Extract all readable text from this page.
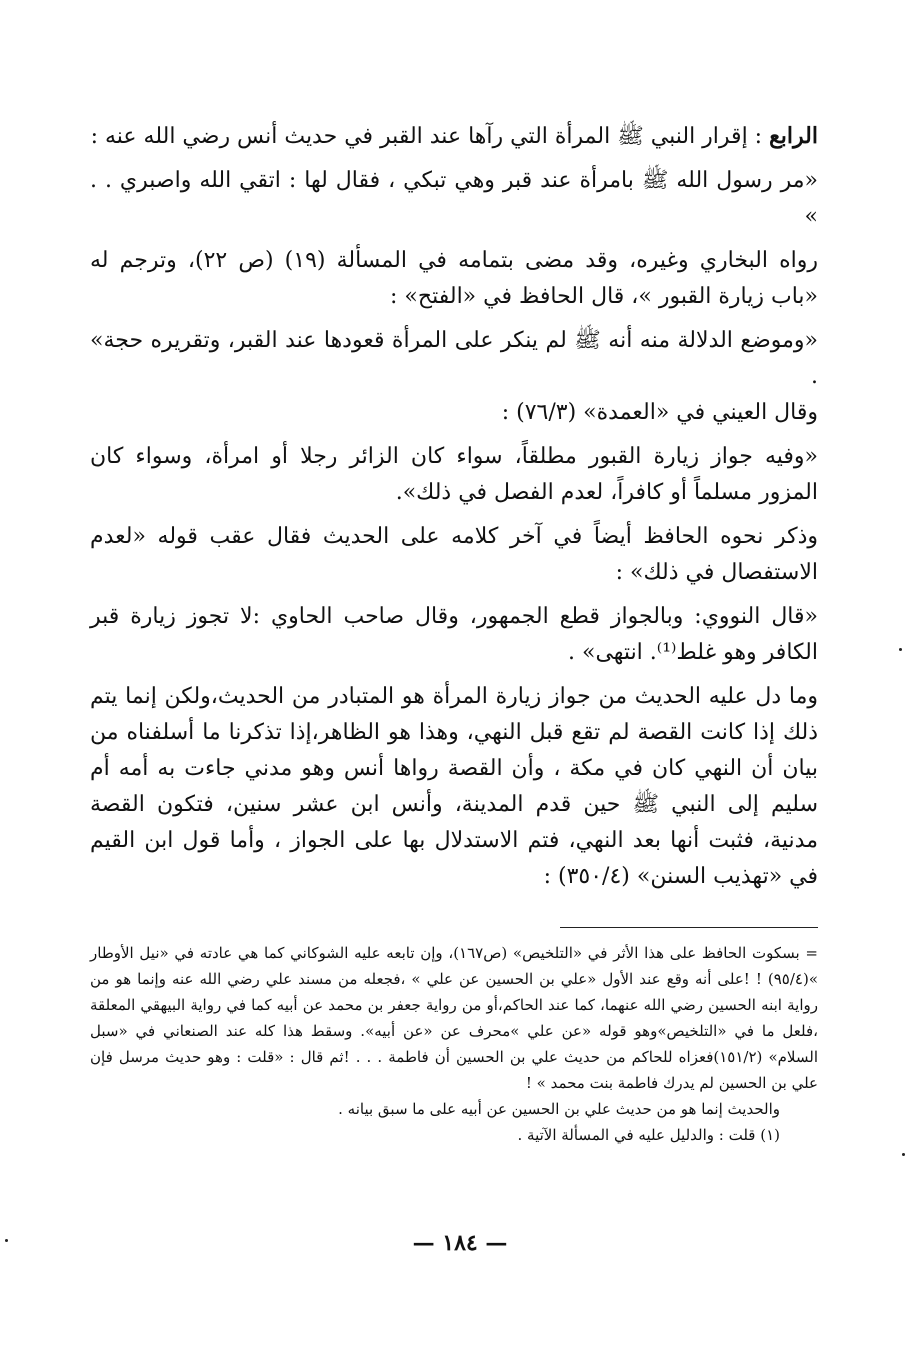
الرابع : إقرار النبي ﷺ المرأة التي رآها عند القبر في حديث أنس رضي الله عنه :

«مر رسول الله ﷺ بامرأة عند قبر وهي تبكي ، فقال لها : اتقي الله واصبري . . »

رواه البخاري وغيره، وقد مضى بتمامه في المسألة (١٩) (ص ٢٢)، وترجم له «باب زيارة القبور »، قال الحافظ في «الفتح» :

«وموضع الدلالة منه أنه ﷺ لم ينكر على المرأة قعودها عند القبر، وتقريره حجة» .

وقال العيني في «العمدة» (٧٦/٣) :

«وفيه جواز زيارة القبور مطلقاً، سواء كان الزائر رجلا أو امرأة، وسواء كان المزور مسلماً أو كافراً، لعدم الفصل في ذلك».

وذكر نحوه الحافظ أيضاً في آخر كلامه على الحديث فقال عقب قوله «لعدم الاستفصال في ذلك» :

«قال النووي: وبالجواز قطع الجمهور، وقال صاحب الحاوي :لا تجوز زيارة قبر الكافر وهو غلط⁽¹⁾. انتهى» .

وما دل عليه الحديث من جواز زيارة المرأة هو المتبادر من الحديث،ولكن إنما يتم ذلك إذا كانت القصة لم تقع قبل النهي، وهذا هو الظاهر،إذا تذكرنا ما أسلفناه من بيان أن النهي كان في مكة ، وأن القصة رواها أنس وهو مدني جاءت به أمه أم سليم إلى النبي ﷺ حين قدم المدينة، وأنس ابن عشر سنين، فتكون القصة مدنية، فثبت أنها بعد النهي، فتم الاستدلال بها على الجواز ، وأما قول ابن القيم في «تهذيب السنن» (٣٥٠/٤) :

= بسكوت الحافظ على هذا الأثر في «التلخيص» (ص١٦٧)، وإن تابعه عليه الشوكاني كما هي عادته في «نيل الأوطار »(٩٥/٤) ! !على أنه وقع عند الأول «علي بن الحسين عن علي » ،فجعله من مسند علي رضي الله عنه وإنما هو من رواية ابنه الحسين رضي الله عنهما، كما عند الحاكم،أو من رواية جعفر بن محمد عن أبيه كما في رواية البيهقي المعلقة ،فلعل ما في «التلخيص»وهو قوله «عن علي »محرف عن «عن أبيه». وسقط هذا كله عند الصنعاني في «سبل السلام» (١٥١/٢)فعزاه للحاكم من حديث علي بن الحسين أن فاطمة . . . !ثم قال : «قلت : وهو حديث مرسل فإن علي بن الحسين لم يدرك فاطمة بنت محمد » !

والحديث إنما هو من حديث علي بن الحسين عن أبيه على ما سبق بيانه .

(١) قلت : والدليل عليه في المسألة الآتية .

— ١٨٤ —
